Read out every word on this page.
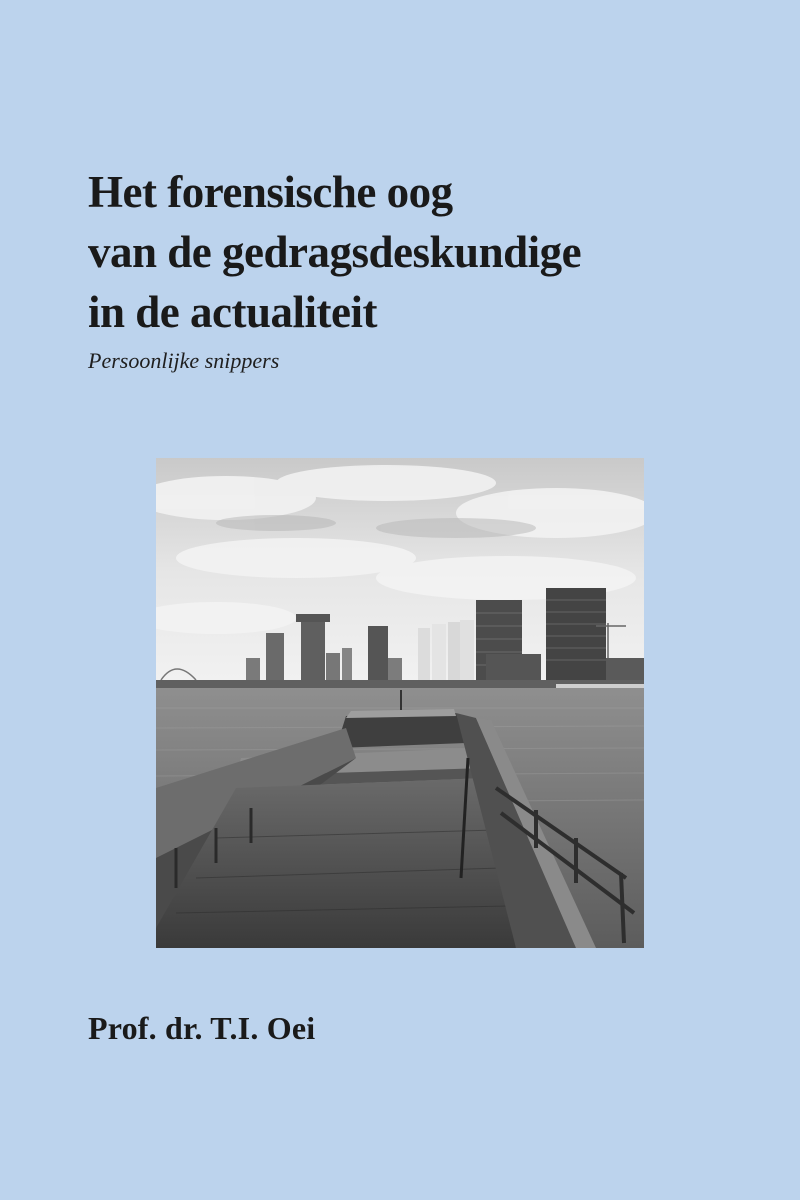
Het forensische oog
van de gedragsdeskundige
in de actualiteit

Persoonlijke snippers

Prof. dr. T.I. Oei
